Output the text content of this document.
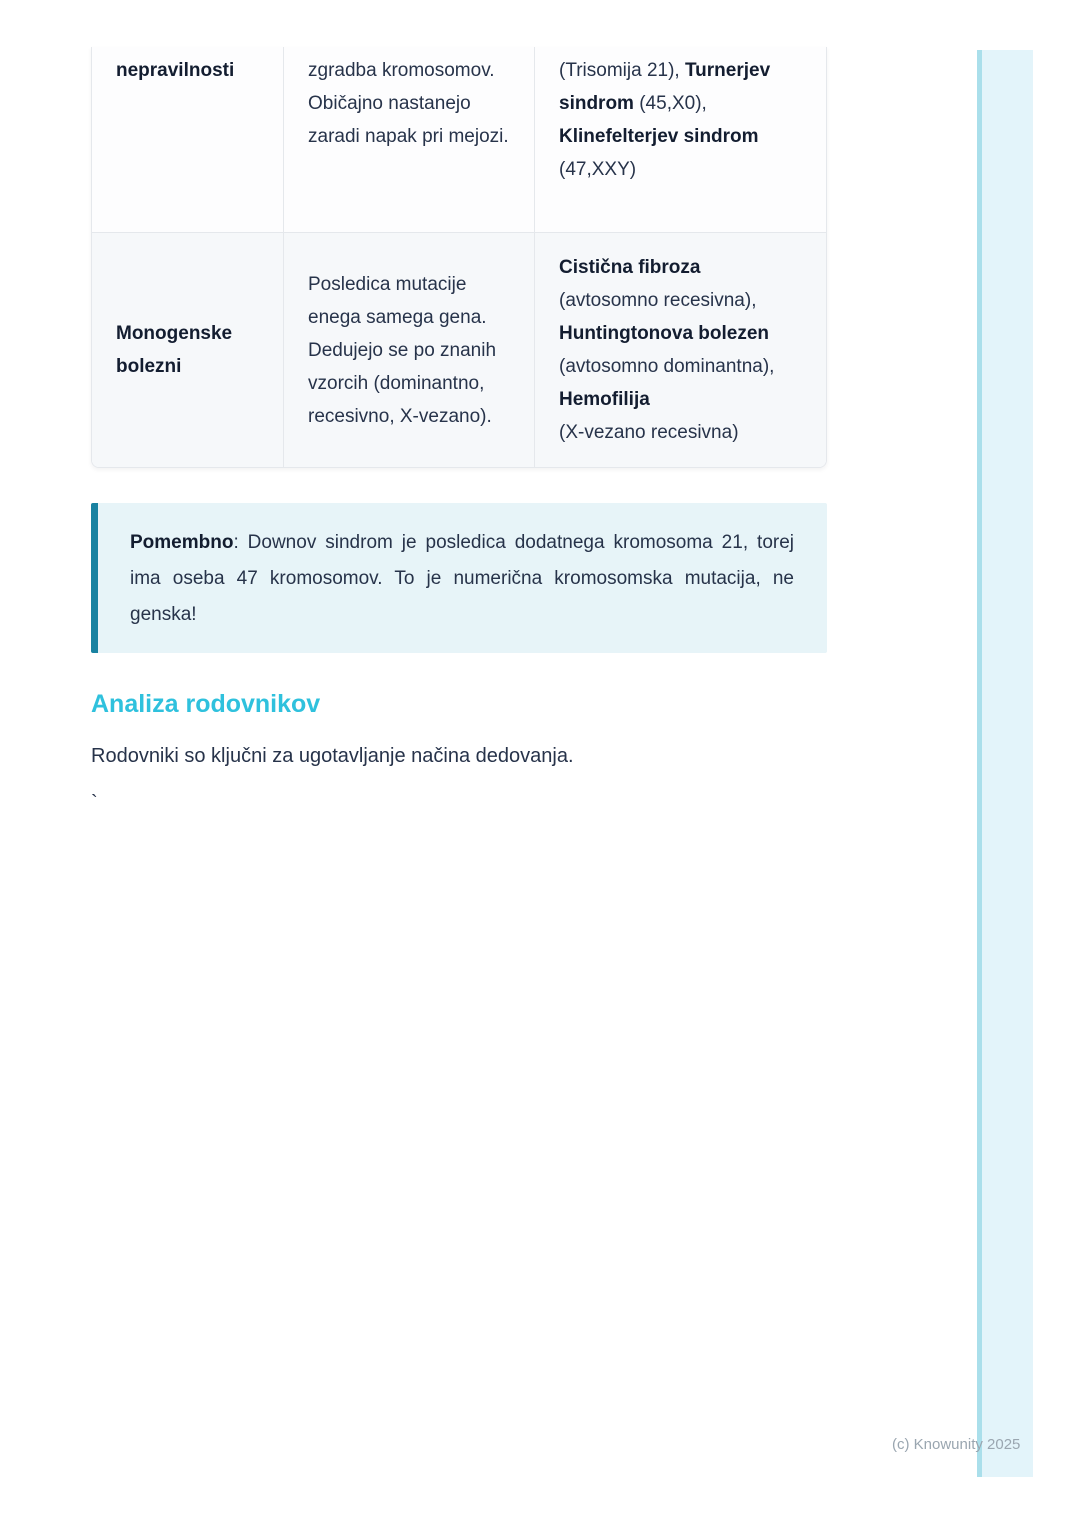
nepravilnosti	zgradba kromosomov. Običajno nastanejo zaradi napak pri mejozi.
(Trisomija 21), Turnerjev sindrom (45,X0), Klinefelterjev sindrom (47,XXY)
Monogenske bolezni
Posledica mutacije enega samega gena. Dedujejo se po znanih vzorcih (dominantno, recesivno, X-vezano).
Cistična fibroza
(avtosomno recesivna),
Huntingtonova bolezen
(avtosomno dominantna),
Hemofilija
(X-vezano recesivna)
Pomembno: Downov sindrom je posledica dodatnega kromosoma 21, torej ima oseba 47 kromosomov. To je numerična kromosomska mutacija, ne genska!
Analiza rodovnikov

Rodovniki so ključni za ugotavljanje načina dedovanja.

`
(c) Knowunity 2025
